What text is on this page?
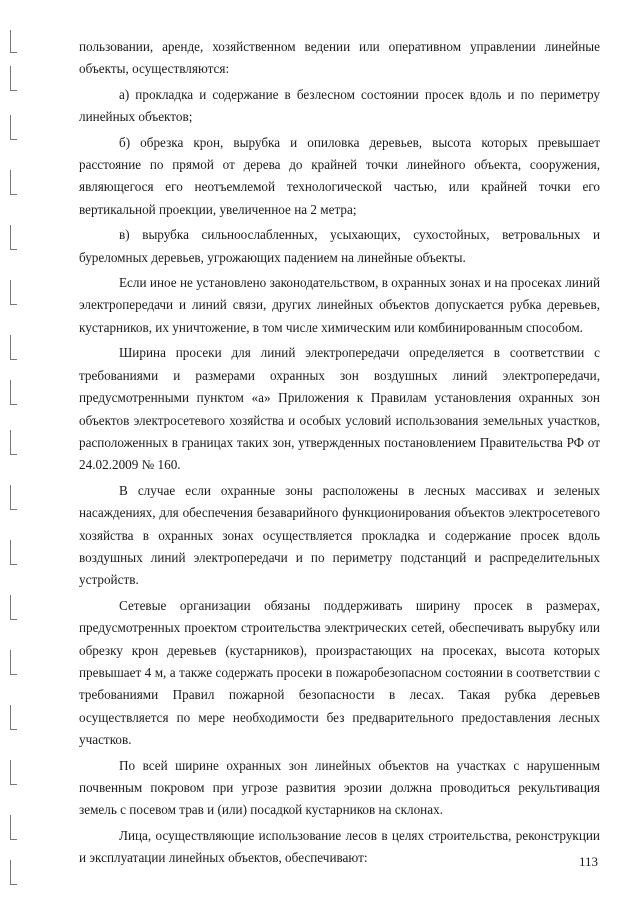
пользовании, аренде, хозяйственном ведении или оперативном управлении линейные объекты, осуществляются:

а) прокладка и содержание в безлесном состоянии просек вдоль и по периметру линейных объектов;

б) обрезка крон, вырубка и опиловка деревьев, высота которых превышает расстояние по прямой от дерева до крайней точки линейного объекта, сооружения, являющегося его неотъемлемой технологической частью, или крайней точки его вертикальной проекции, увеличенное на 2 метра;

в) вырубка сильноослабленных, усыхающих, сухостойных, ветровальных и буреломных деревьев, угрожающих падением на линейные объекты.

Если иное не установлено законодательством, в охранных зонах и на просеках линий электропередачи и линий связи, других линейных объектов допускается рубка деревьев, кустарников, их уничтожение, в том числе химическим или комбинированным способом.

Ширина просеки для линий электропередачи определяется в соответствии с требованиями и размерами охранных зон воздушных линий электропередачи, предусмотренными пунктом «а» Приложения к Правилам установления охранных зон объектов электросетевого хозяйства и особых условий использования земельных участков, расположенных в границах таких зон, утвержденных постановлением Правительства РФ от 24.02.2009 № 160.

В случае если охранные зоны расположены в лесных массивах и зеленых насаждениях, для обеспечения безаварийного функционирования объектов электросетевого хозяйства в охранных зонах осуществляется прокладка и содержание просек вдоль воздушных линий электропередачи и по периметру подстанций и распределительных устройств.

Сетевые организации обязаны поддерживать ширину просек в размерах, предусмотренных проектом строительства электрических сетей, обеспечивать вырубку или обрезку крон деревьев (кустарников), произрастающих на просеках, высота которых превышает 4 м, а также содержать просеки в пожаробезопасном состоянии в соответствии с требованиями Правил пожарной безопасности в лесах. Такая рубка деревьев осуществляется по мере необходимости без предварительного предоставления лесных участков.

По всей ширине охранных зон линейных объектов на участках с нарушенным почвенным покровом при угрозе развития эрозии должна проводиться рекультивация земель с посевом трав и (или) посадкой кустарников на склонах.

Лица, осуществляющие использование лесов в целях строительства, реконструкции и эксплуатации линейных объектов, обеспечивают:	113
